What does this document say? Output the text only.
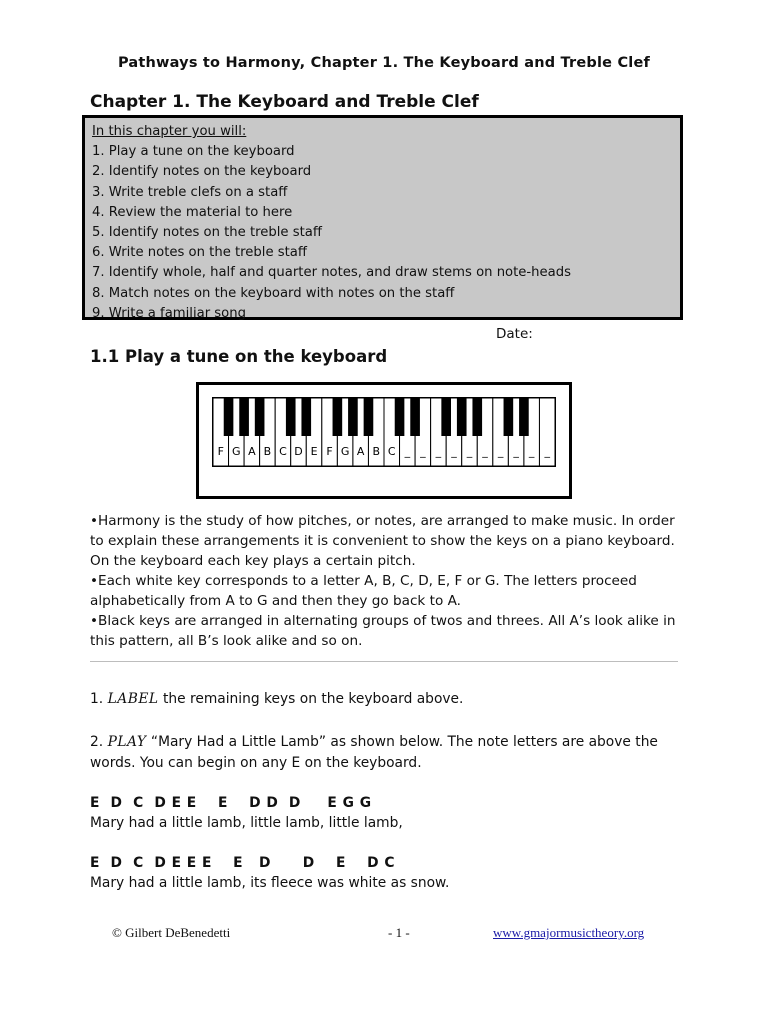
Pathways to Harmony, Chapter 1. The Keyboard and Treble Clef
Chapter 1. The Keyboard and Treble Clef
In this chapter you will:
1. Play a tune on the keyboard
2. Identify notes on the keyboard
3. Write treble clefs on a staff
4. Review the material to here
5. Identify notes on the treble staff
6. Write notes on the treble staff
7. Identify whole, half and quarter notes, and draw stems on note-heads
8. Match notes on the keyboard with notes on the staff
9. Write a familiar song
Date:
1.1 Play a tune on the keyboard
F G A B C D E F G A B C _ _ _ _ _ _ _ _ _ _
•Harmony is the study of how pitches, or notes, are arranged to make music. In order to explain these arrangements it is convenient to show the keys on a piano keyboard. On the keyboard each key plays a certain pitch.
•Each white key corresponds to a letter A, B, C, D, E, F or G. The letters proceed alphabetically from A to G and then they go back to A.
•Black keys are arranged in alternating groups of twos and threes. All A’s look alike in this pattern, all B’s look alike and so on.
1. LABEL the remaining keys on the keyboard above.
2. PLAY “Mary Had a Little Lamb” as shown below. The note letters are above the words. You can begin on any E on the keyboard.
E  D  C  D E E    E    D D  D     E G G
Mary had a little lamb, little lamb, little lamb,
E  D  C  D E E E    E   D      D    E    D C
Mary had a little lamb, its fleece was white as snow.
© Gilbert DeBenedetti	- 1 -	www.gmajormusictheory.org
